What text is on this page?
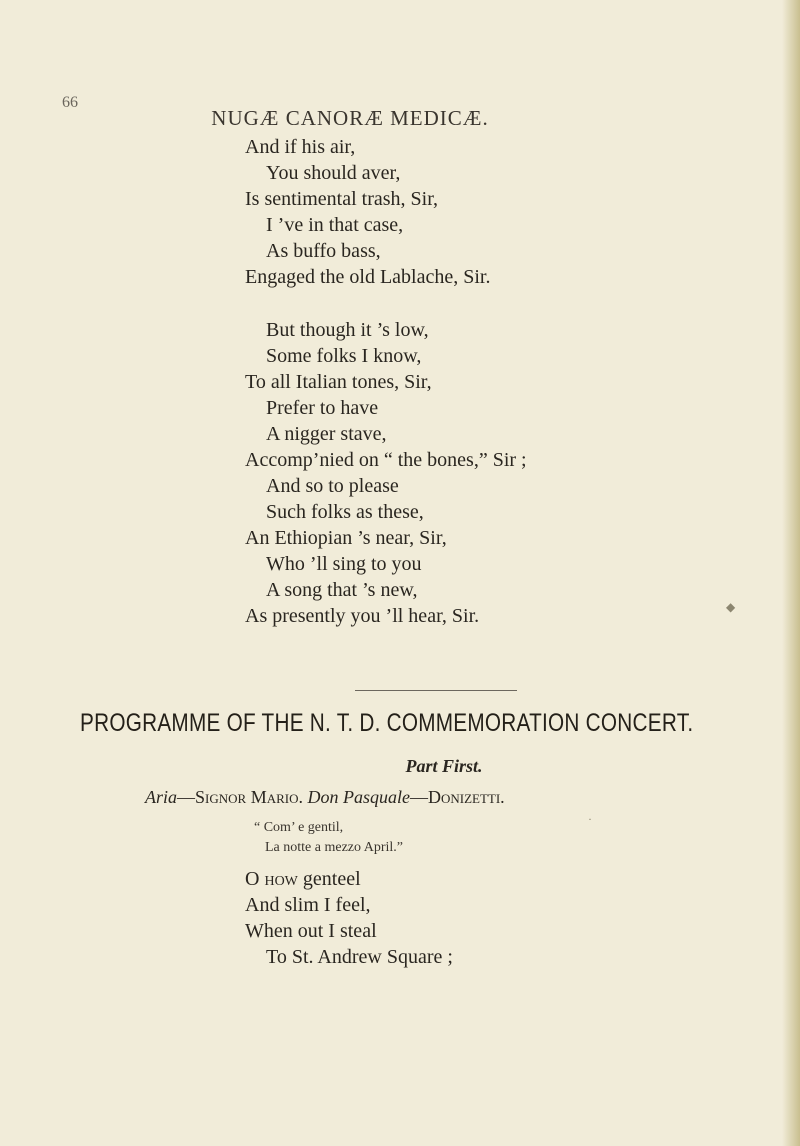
66
NUGÆ CANORÆ MEDICÆ.
And if his air,
You should aver,
Is sentimental trash, Sir,
I ’ve in that case,
As buffo bass,
Engaged the old Lablache, Sir.
But though it ’s low,
Some folks I know,
To all Italian tones, Sir,
Prefer to have
A nigger stave,
Accomp’nied on “ the bones,” Sir ;
And so to please
Such folks as these,
An Ethiopian ’s near, Sir,
Who ’ll sing to you
A song that ’s new,
As presently you ’ll hear, Sir.
PROGRAMME OF THE N. T. D. COMMEMORATION CONCERT.
Part First.
Aria—Signor Mario. Don Pasquale—Donizetti.
“ Com’ e gentil,
La notte a mezzo April.”
O how genteel
And slim I feel,
When out I steal
To St. Andrew Square ;
◆
·
